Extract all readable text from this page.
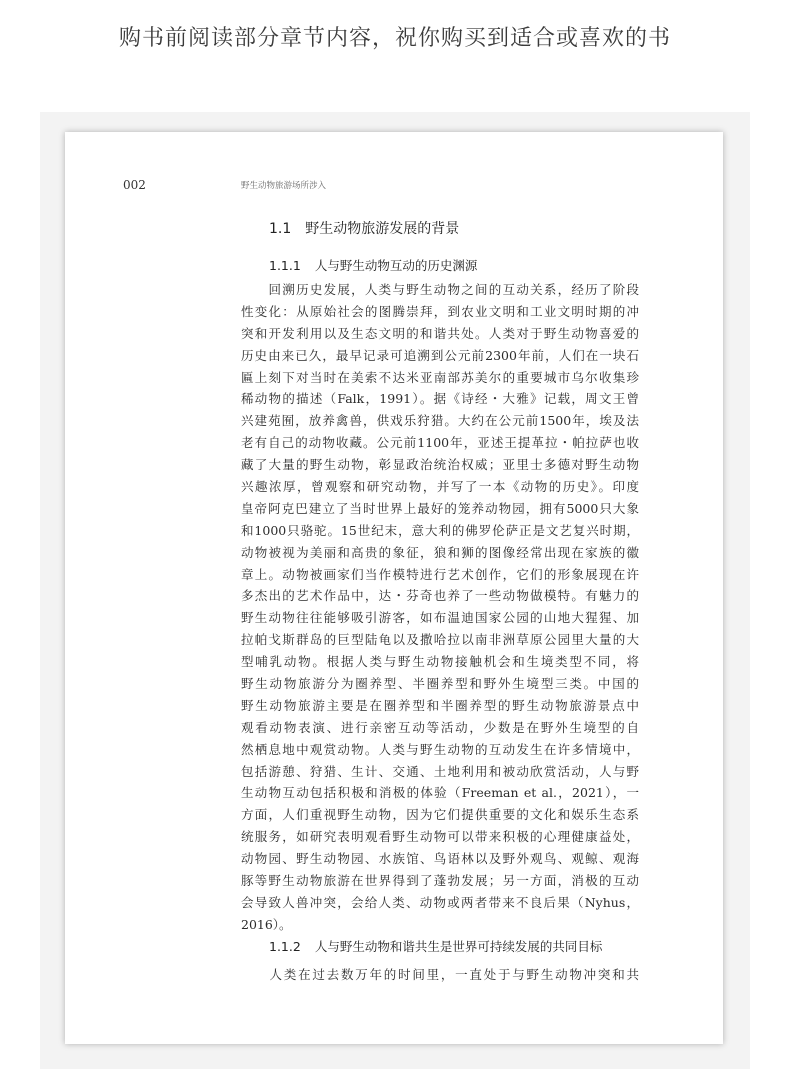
购书前阅读部分章节内容，祝你购买到适合或喜欢的书
002	野生动物旅游场所涉入
1.1 野生动物旅游发展的背景
1.1.1 人与野生动物互动的历史渊源
　　回溯历史发展，人类与野生动物之间的互动关系，经历了阶段
性变化：从原始社会的图腾崇拜，到农业文明和工业文明时期的冲
突和开发利用以及生态文明的和谐共处。人类对于野生动物喜爱的
历史由来已久，最早记录可追溯到公元前2300年前，人们在一块石
匾上刻下对当时在美索不达米亚南部苏美尔的重要城市乌尔收集珍
稀动物的描述（Falk，1991）。据《诗经・大雅》记载，周文王曾
兴建苑囿，放养禽兽，供戏乐狩猎。大约在公元前1500年，埃及法
老有自己的动物收藏。公元前1100年，亚述王提革拉・帕拉萨也收
藏了大量的野生动物，彰显政治统治权威；亚里士多德对野生动物
兴趣浓厚，曾观察和研究动物，并写了一本《动物的历史》。印度
皇帝阿克巴建立了当时世界上最好的笼养动物园，拥有5000只大象
和1000只骆驼。15世纪末，意大利的佛罗伦萨正是文艺复兴时期，
动物被视为美丽和高贵的象征，狼和狮的图像经常出现在家族的徽
章上。动物被画家们当作模特进行艺术创作，它们的形象展现在许
多杰出的艺术作品中，达・芬奇也养了一些动物做模特。有魅力的
野生动物往往能够吸引游客，如布温迪国家公园的山地大猩猩、加
拉帕戈斯群岛的巨型陆龟以及撒哈拉以南非洲草原公园里大量的大
型哺乳动物。根据人类与野生动物接触机会和生境类型不同，将
野生动物旅游分为圈养型、半圈养型和野外生境型三类。中国的
野生动物旅游主要是在圈养型和半圈养型的野生动物旅游景点中
观看动物表演、进行亲密互动等活动，少数是在野外生境型的自
然栖息地中观赏动物。人类与野生动物的互动发生在许多情境中，
包括游憩、狩猎、生计、交通、土地利用和被动欣赏活动，人与野
生动物互动包括积极和消极的体验（Freeman et al.，2021），一
方面，人们重视野生动物，因为它们提供重要的文化和娱乐生态系
统服务，如研究表明观看野生动物可以带来积极的心理健康益处，
动物园、野生动物园、水族馆、鸟语林以及野外观鸟、观鲸、观海
豚等野生动物旅游在世界得到了蓬勃发展；另一方面，消极的互动
会导致人兽冲突，会给人类、动物或两者带来不良后果（Nyhus，
2016）。
1.1.2 人与野生动物和谐共生是世界可持续发展的共同目标
　　人类在过去数万年的时间里，一直处于与野生动物冲突和共
